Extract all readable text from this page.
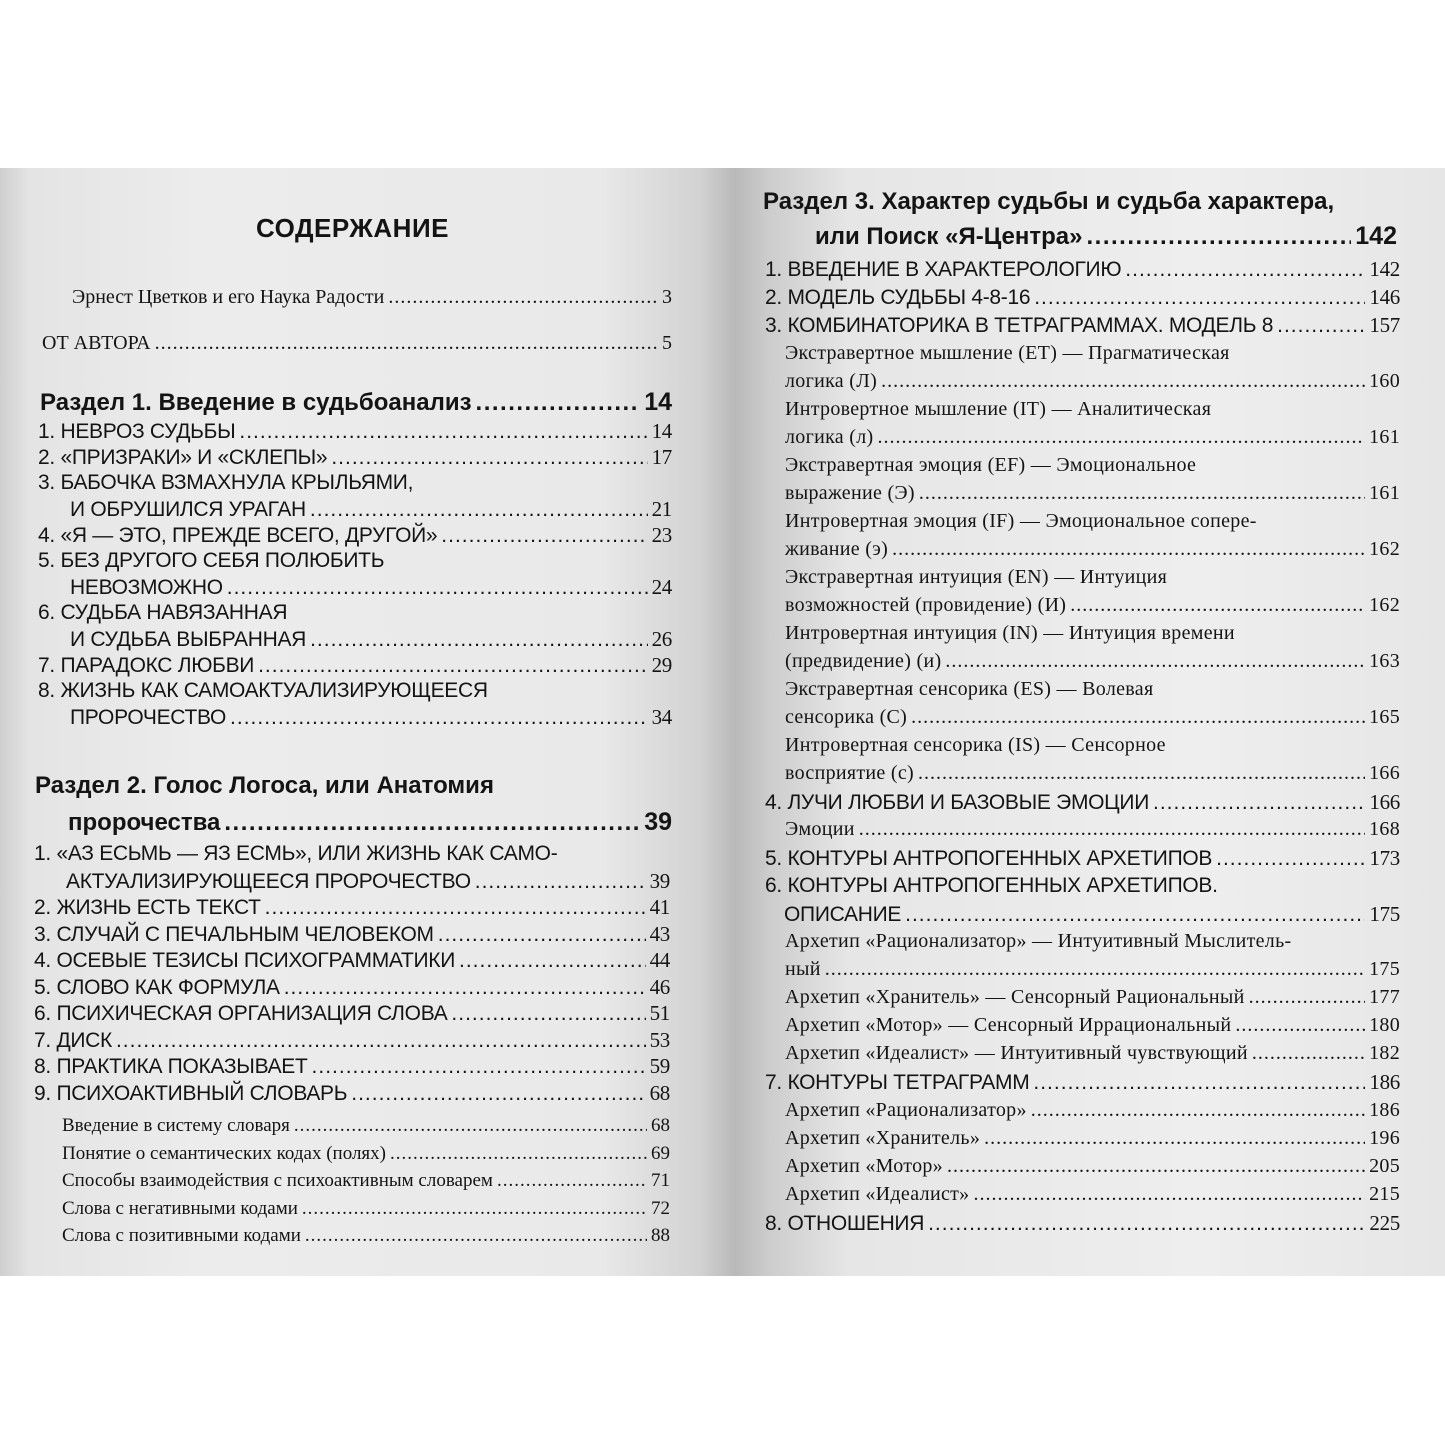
СОДЕРЖАНИЕ
Эрнест Цветков и его Наука Радости .....	3
ОТ АВТОРА .....	5
Раздел 1. Введение в судьбоанализ .....	14
1. НЕВРОЗ СУДЬБЫ .....	14
2. «ПРИЗРАКИ» И «СКЛЕПЫ» .....	17
3. БАБОЧКА ВЗМАХНУЛА КРЫЛЬЯМИ,
И ОБРУШИЛСЯ УРАГАН .....	21
4. «Я — ЭТО, ПРЕЖДЕ ВСЕГО, ДРУГОЙ» .....	23
5. БЕЗ ДРУГОГО СЕБЯ ПОЛЮБИТЬ
НЕВОЗМОЖНО .....	24
6. СУДЬБА НАВЯЗАННАЯ
И СУДЬБА ВЫБРАННАЯ .....	26
7. ПАРАДОКС ЛЮБВИ .....	29
8. ЖИЗНЬ КАК САМОАКТУАЛИЗИРУЮЩЕЕСЯ
ПРОРОЧЕСТВО .....	34
Раздел 2. Голос Логоса, или Анатомия
пророчества .....	39
1. «АЗ ЕСЬМЬ — ЯЗ ЕСМЬ», ИЛИ ЖИЗНЬ КАК САМО-
АКТУАЛИЗИРУЮЩЕЕСЯ ПРОРОЧЕСТВО .....	39
2. ЖИЗНЬ ЕСТЬ ТЕКСТ .....	41
3. СЛУЧАЙ С ПЕЧАЛЬНЫМ ЧЕЛОВЕКОМ .....	43
4. ОСЕВЫЕ ТЕЗИСЫ ПСИХОГРАММАТИКИ .....	44
5. СЛОВО КАК ФОРМУЛА .....	46
6. ПСИХИЧЕСКАЯ ОРГАНИЗАЦИЯ СЛОВА .....	51
7. ДИСК .....	53
8. ПРАКТИКА ПОКАЗЫВАЕТ .....	59
9. ПСИХОАКТИВНЫЙ СЛОВАРЬ .....	68
Введение в систему словаря .....	68
Понятие о семантических кодах (полях) .....	69
Способы взаимодействия с психоактивным словарем .....	71
Слова с негативными кодами .....	72
Слова с позитивными кодами .....	88
Раздел 3. Характер судьбы и судьба характера,
или Поиск «Я-Центра» .....	142
1. ВВЕДЕНИЕ В ХАРАКТЕРОЛОГИЮ .....	142
2. МОДЕЛЬ СУДЬБЫ 4-8-16 .....	146
3. КОМБИНАТОРИКА В ТЕТРАГРАММАХ. МОДЕЛЬ 8 .....	157
Экстравертное мышление (ET) — Прагматическая
логика (Л) .....	160
Интровертное мышление (IT) — Аналитическая
логика (л) .....	161
Экстравертная эмоция (EF) — Эмоциональное
выражение (Э) .....	161
Интровертная эмоция (IF) — Эмоциональное сопере-
живание (э) .....	162
Экстравертная интуиция (EN) — Интуиция
возможностей (провидение) (И) .....	162
Интровертная интуиция (IN) — Интуиция времени
(предвидение) (и) .....	163
Экстравертная сенсорика (ES) — Волевая
сенсорика (С) .....	165
Интровертная сенсорика (IS) — Сенсорное
восприятие (с) .....	166
4. ЛУЧИ ЛЮБВИ И БАЗОВЫЕ ЭМОЦИИ .....	166
Эмоции .....	168
5. КОНТУРЫ АНТРОПОГЕННЫХ АРХЕТИПОВ .....	173
6. КОНТУРЫ АНТРОПОГЕННЫХ АРХЕТИПОВ.
ОПИСАНИЕ .....	175
Архетип «Рационализатор» — Интуитивный Мыслитель-
ный .....	175
Архетип «Хранитель» — Сенсорный Рациональный .....	177
Архетип «Мотор» — Сенсорный Иррациональный .....	180
Архетип «Идеалист» — Интуитивный чувствующий .....	182
7. КОНТУРЫ ТЕТРАГРАММ .....	186
Архетип «Рационализатор» .....	186
Архетип «Хранитель» .....	196
Архетип «Мотор» .....	205
Архетип «Идеалист» .....	215
8. ОТНОШЕНИЯ .....	225
